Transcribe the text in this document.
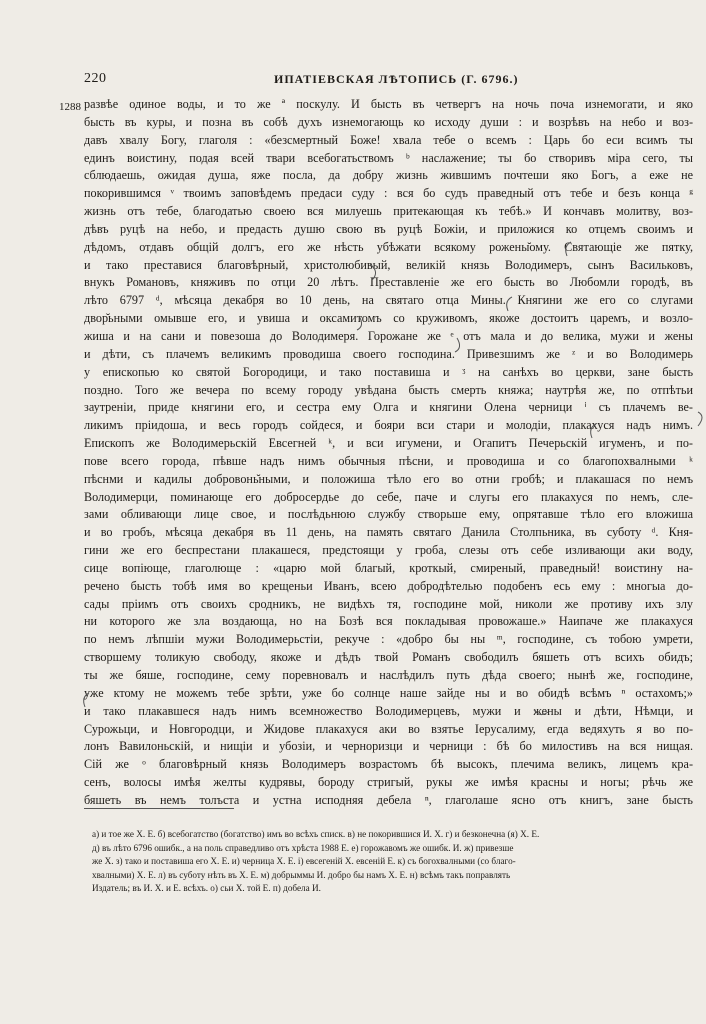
220	ИПАТIЕВСКАЯ ЛѢТОПИСЬ (Г. 6796.)
1288 развѣе одиное воды, и то же ª поскулу. И бысть въ четвергъ на ночь поча изнемогати, и яко
бысть въ куры, и позна въ собѣ духъ изнемогающь ко исходу души : и возрѣвъ на небо и воз-
давъ хвалу Богу, глаголя : «безсмертный Боже! хвала тебе о всемъ : Царь бо еси всимъ ты
единъ воистину, подая всей твари всебогатьствомъ ᵇ наслажение; ты бо створивъ міра сего, ты
сблюдаешь, ожидая душа, яже посла, да добру жизнь жившимъ почтеши яко Богъ, а еже не
покорившимся ᵛ твоимъ заповѣдемъ предаси суду : вся бо судъ праведный отъ тебе и безъ конца ᵍ
жизнь отъ тебе, благодатью своею вся милуешь притекающая къ тебѣ.» И кончавъ молитву, воз-
дѣвъ руцѣ на небо, и предасть душю свою въ руцѣ Божіи, и приложися ко отцемъ своимъ и
дѣдомъ, отдавъ общій долгъ, его же нѣсть убѣжати всякому рожены̆ому. Святающіе же пятку,
и тако преставися благовѣрный, христолюбивый, великій князь Володимеръ, сынъ Васильковъ,
внукъ Романовъ, княживъ по отци 20 лѣтъ. Преставленіе же его бысть во Любомли городѣ, въ
лѣто 6797 ᵈ, мѣсяца декабря во 10 день, на святаго отца Мины. Княгини же его со слугами
двор̆ьными омывше его, и увиша и оксамитомъ со круживомъ, якоже достоитъ царемъ, и возло-
жиша и на сани и повезоша до Володимеря. Горожане же ᵉ отъ мала и до велика, мужи и жены
и дѣти, съ плачемъ великимъ проводиша своего господина. Привезшимъ же ᶻ и во Володимерь
у епископью ко святой Богородици, и тако поставиша и ᶾ на санѣхъ во церкви, зане бысть
поздно. Того же вечера по всему городу увѣдана бысть смерть княжа; наутрѣя же, по отпѣтьи
заутреніи, приде княгини его, и сестра ему Олга и княгини Олена черници ⁱ съ плачемъ ве-
ликимъ прiидоша, и весь городъ сойдеся, и бояри вси стари и молодіи, плакахуся надъ нимъ.
Епископъ же Володимерьскій Евсегней ᵏ, и вси игумени, и Огапитъ Печерьскій игуменъ, и по-
пове всего города, пѣвше надъ нимъ обычныя пѣсни, и проводиша и со благопохвалными ᵏ
пѣснми и кадилы добровонь̆ными, и положиша тѣло его во отни гробѣ; и плакашася по немъ
Володимерци, поминающе его добросердье до себе, паче и слугы его плакахуся по немъ, сле-
зами обливающи лице свое, и послѣдьнюю службу створьше ему, опрятавше тѣло его вложиша
и во гробъ, мѣсяца декабря въ 11 день, на память святаго Данила Столпьника, въ суботу ᵈ. Кня-
гини же его беспрестани плакашеся, предстоящи у гроба, слезы отъ себе изливающи аки воду,
сице вопіюще, глаголюще : «царю мой благый, кроткый, смиреный, праведный! воистину на-
речено бысть тобѣ имя во крещеньи Иванъ, всею добродѣтелью подобенъ есь ему : многыа до-
сады прiимъ отъ своихъ сродникъ, не видѣхъ тя, господине мой, николи же противу ихъ злу
ни которого же зла воздающа, но на Бозѣ вся покладывая провожаше.» Наипаче же плакахуся
по немъ лѣпшіи мужи Володимерьстіи, рекуче : «добро бы ны ᵐ, господине, съ тобою умрети,
створшему толикую свободу, якоже и дѣдъ твой Романъ свободилъ бяшеть отъ всихъ обидъ;
ты же бяше, господине, сему поревновалъ и наслѣдилъ путь дѣда своего; нынѣ же, господине,
уже ктому не можемъ тебе зрѣти, уже бо солнце наше зайде ны и во обидѣ всѣмъ ⁿ остахомъ;»
и тако плакавшеся надъ нимъ всемножество Володимерцевъ, мужи и жены и дѣти, Нѣмци, и
Сурожьци, и Новгородци, и Жидове плакахуся аки во взятье Іерусалиму, егда ведяхуть я во по-
лонъ Вавилоньскій, и нищіи и убозіи, и черноризци и черници : бѣ бо милостивъ на вся нищая.
Сій же ᵒ благовѣрный князь Володимеръ возрастомъ бѣ высокъ, плечима великъ, лицемъ кра-
сенъ, волосы имѣя желты кудрявы, бороду стригый, рукы же имѣя красны и ногы; рѣчь же
бяшеть въ немъ толъста и устна исподняя дебела ⁿ, глаголаше ясно отъ книгъ, зане бысть
а) и тое же Х. Е. б) всебогатство (богатство) имъ во всѣхъ списк. в) не покорившися И. Х. г) и безконечна (я) Х. Е.
д) въ лѣто 6796 ошибк., а на поль справедливо отъ хрѣста 1988 Е. е) горожавомъ же ошибк. И. ж) привезше
же Х. з) тако и поставиша его Х. Е. и) черница Х. Е. і) евсегеній Х. евсеній Е. к) съ богохвалными (со благо-
хвалными) Х. Е. л) въ суботу нѣть въ Х. Е. м) добрыммы И. добро бы намъ Х. Е. н) всѣмъ такъ поправлять
Издатель; въ И. Х. и Е. всѣхъ. о) сьи Х. той Е. п) добела И.
